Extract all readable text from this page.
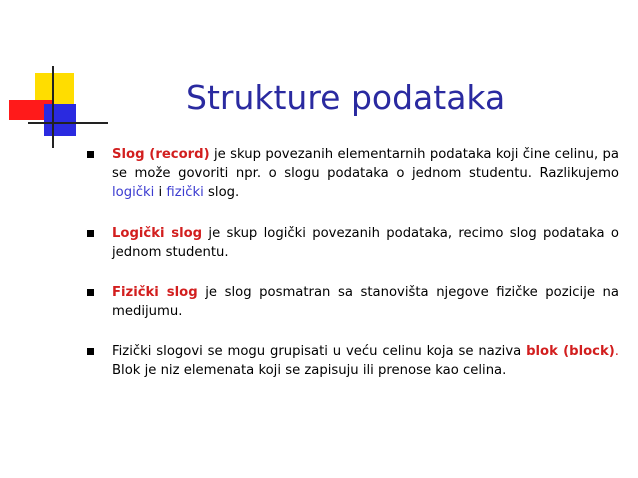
Strukture podataka
Slog (record) je skup povezanih elementarnih podataka koji čine celinu, pa se može govoriti npr. o slogu podataka o jednom studentu. Razlikujemo logički i fizički slog.
Logički slog je skup logički povezanih podataka, recimo slog podataka o jednom studentu.
Fizički slog je slog posmatran sa stanovišta njegove fizičke pozicije na medijumu.
Fizički slogovi se mogu grupisati u veću celinu koja se naziva blok (block). Blok je niz elemenata koji se zapisuju ili prenose kao celina.
